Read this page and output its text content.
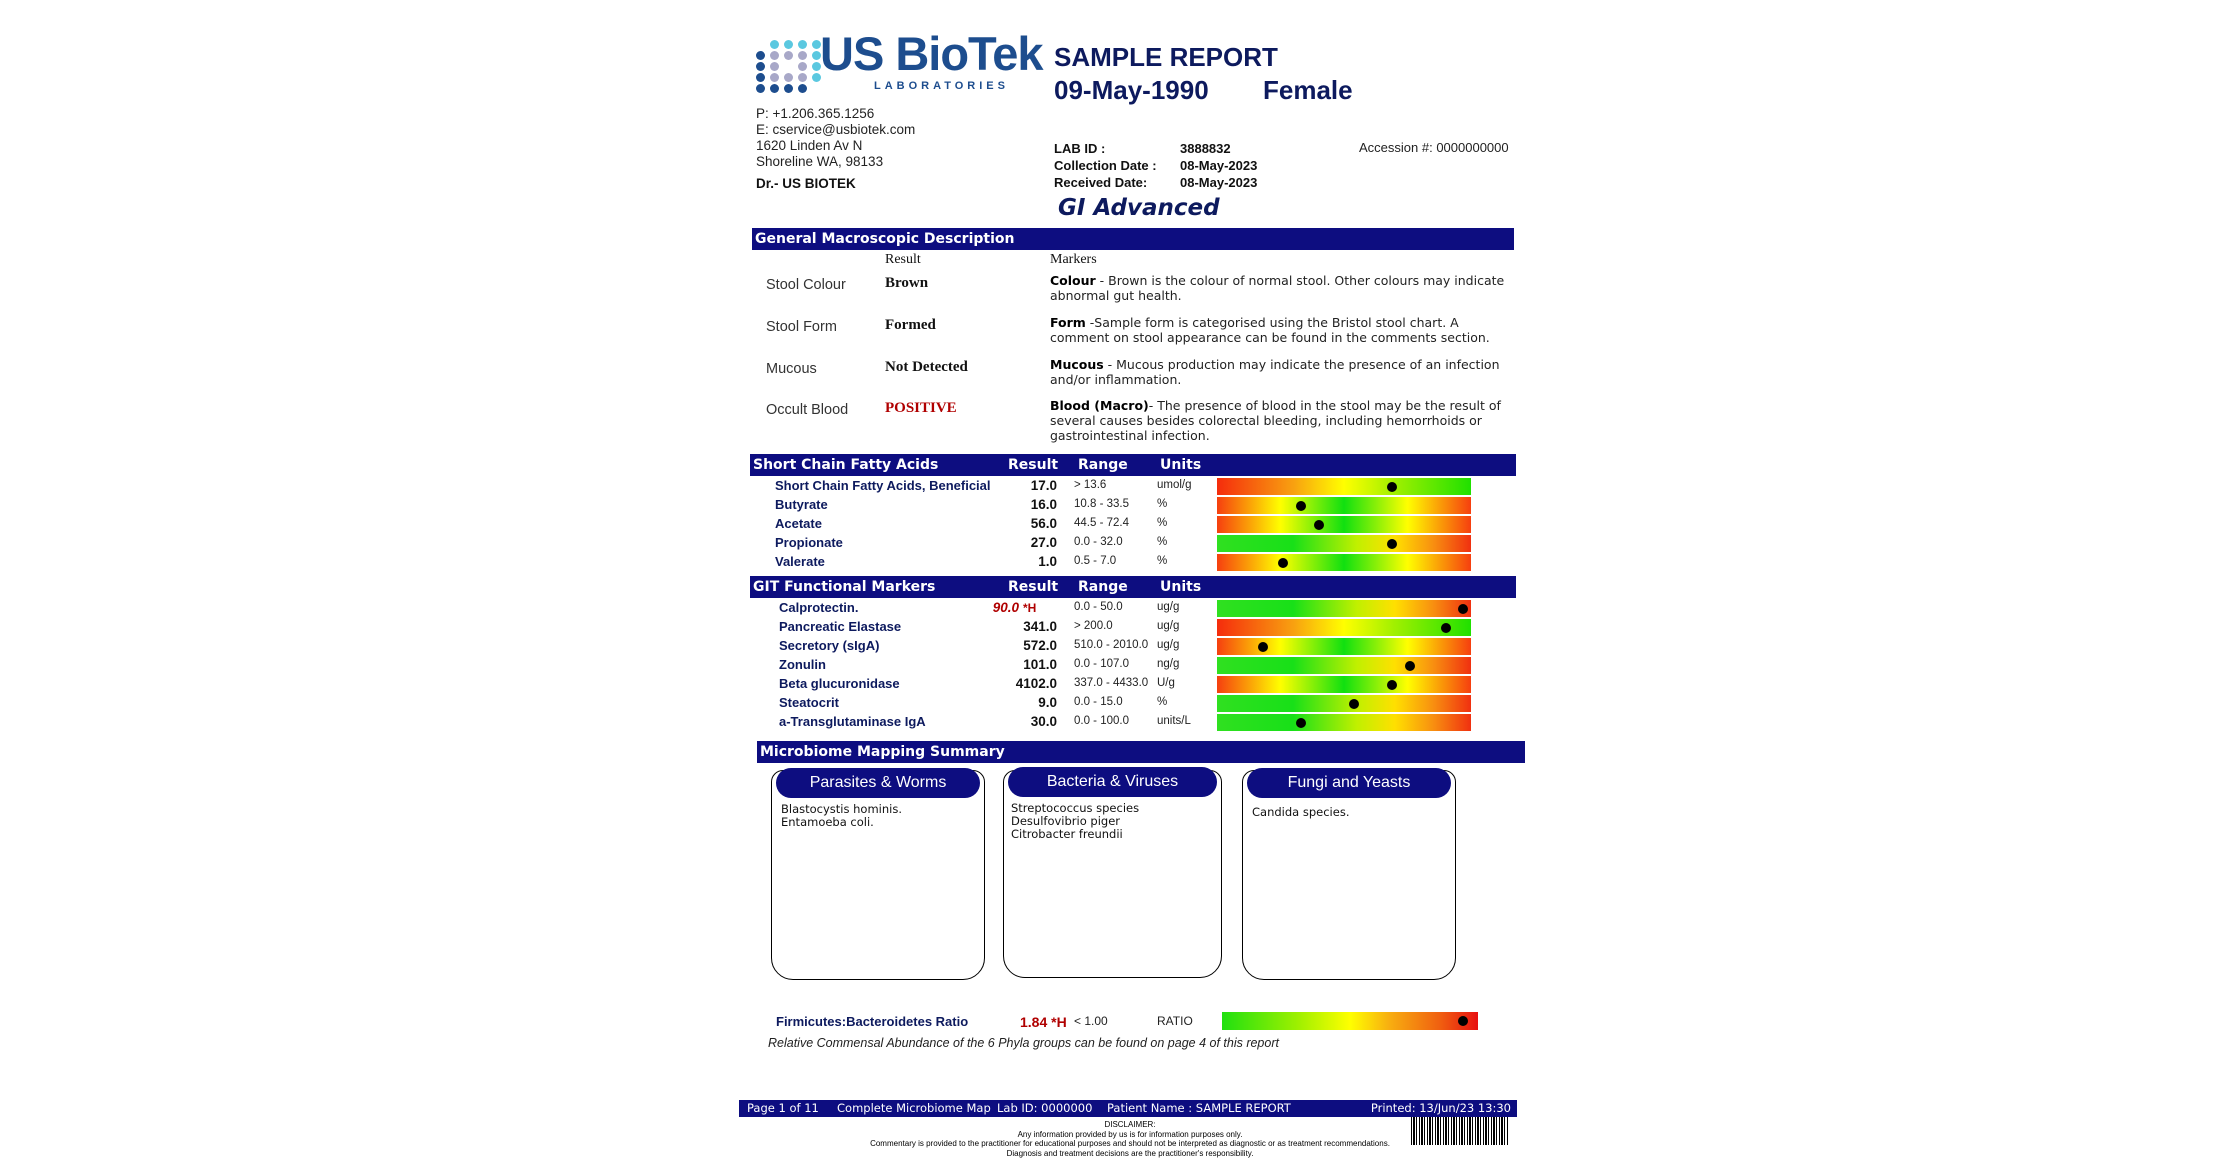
US BioTek
LABORATORIES
P: +1.206.365.1256
E: cservice@usbiotek.com
1620 Linden Av N
Shoreline WA, 98133
Dr.- US BIOTEK
SAMPLE REPORT
09-May-1990 Female
LAB ID :	3888832
Collection Date :	08-May-2023
Received Date:	08-May-2023
Accession #: 0000000000
GI Advanced
General Macroscopic Description
Result	Markers
Stool Colour	Brown	Colour - Brown is the colour of normal stool. Other colours may indicate abnormal gut health.
Stool Form	Formed	Form -Sample form is categorised using the Bristol stool chart. A comment on stool appearance can be found in the comments section.
Mucous	Not Detected	Mucous - Mucous production may indicate the presence of an infection and/or inflammation.
Occult Blood POSITIVE	Blood (Macro)- The presence of blood in the stool may be the result of several causes besides colorectal bleeding, including hemorrhoids or gastrointestinal infection.
Short Chain Fatty Acids	Result Range Units
Short Chain Fatty Acids, Beneficial	17.0 > 13.6	umol/g
Butyrate	16.0 10.8 - 33.5 %
Acetate	56.0 44.5 - 72.4 %
Propionate	27.0 0.0 - 32.0	%
Valerate	1.0 0.5 - 7.0	%
GIT Functional Markers	Result Range Units
Calprotectin.	90.0 *H	0.0 - 50.0	ug/g
Pancreatic Elastase	341.0 > 200.0	ug/g
Secretory (sIgA)	572.0 510.0 - 2010.0 ug/g
Zonulin	101.0 0.0 - 107.0 ng/g
Beta glucuronidase	4102.0 337.0 - 4433.0 U/g
Steatocrit	9.0 0.0 - 15.0	%
a-Transglutaminase IgA	30.0 0.0 - 100.0 units/L
Microbiome Mapping Summary
Parasites & Worms
Blastocystis hominis.
Entamoeba coli.
Bacteria & Viruses
Streptococcus species
Desulfovibrio piger
Citrobacter freundii
Fungi and Yeasts
Candida species.
Firmicutes:Bacteroidetes Ratio	1.84 *H < 1.00	RATIO
Relative Commensal Abundance of the 6 Phyla groups can be found on page 4 of this report
Page 1 of 11 Complete Microbiome Map Lab ID: 0000000 Patient Name : SAMPLE REPORT	Printed: 13/Jun/23 13:30
DISCLAIMER:
Any information provided by us is for information purposes only.
Commentary is provided to the practitioner for educational purposes and should not be interpreted as diagnostic or as treatment recommendations.
Diagnosis and treatment decisions are the practitioner's responsibility.
